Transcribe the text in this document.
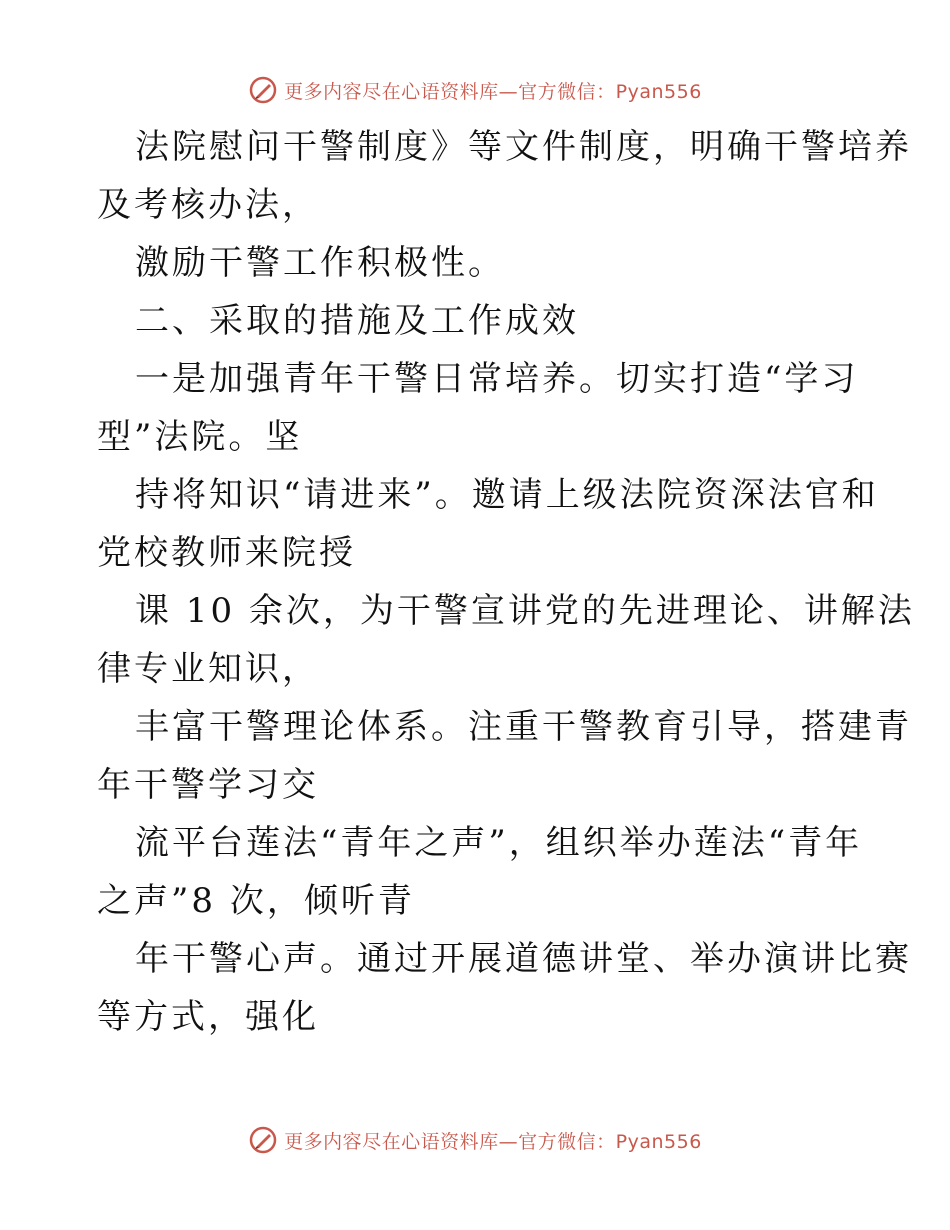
更多内容尽在心语资料库—官方微信：Pyan556
法院慰问干警制度》等文件制度，明确干警培养
及考核办法，
激励干警工作积极性。
二、采取的措施及工作成效
一是加强青年干警日常培养。切实打造“学习
型”法院。坚
持将知识“请进来”。邀请上级法院资深法官和
党校教师来院授
课 10 余次，为干警宣讲党的先进理论、讲解法
律专业知识，
丰富干警理论体系。注重干警教育引导，搭建青
年干警学习交
流平台莲法“青年之声”，组织举办莲法“青年
之声”8 次，倾听青
年干警心声。通过开展道德讲堂、举办演讲比赛
等方式，强化
更多内容尽在心语资料库—官方微信：Pyan556
